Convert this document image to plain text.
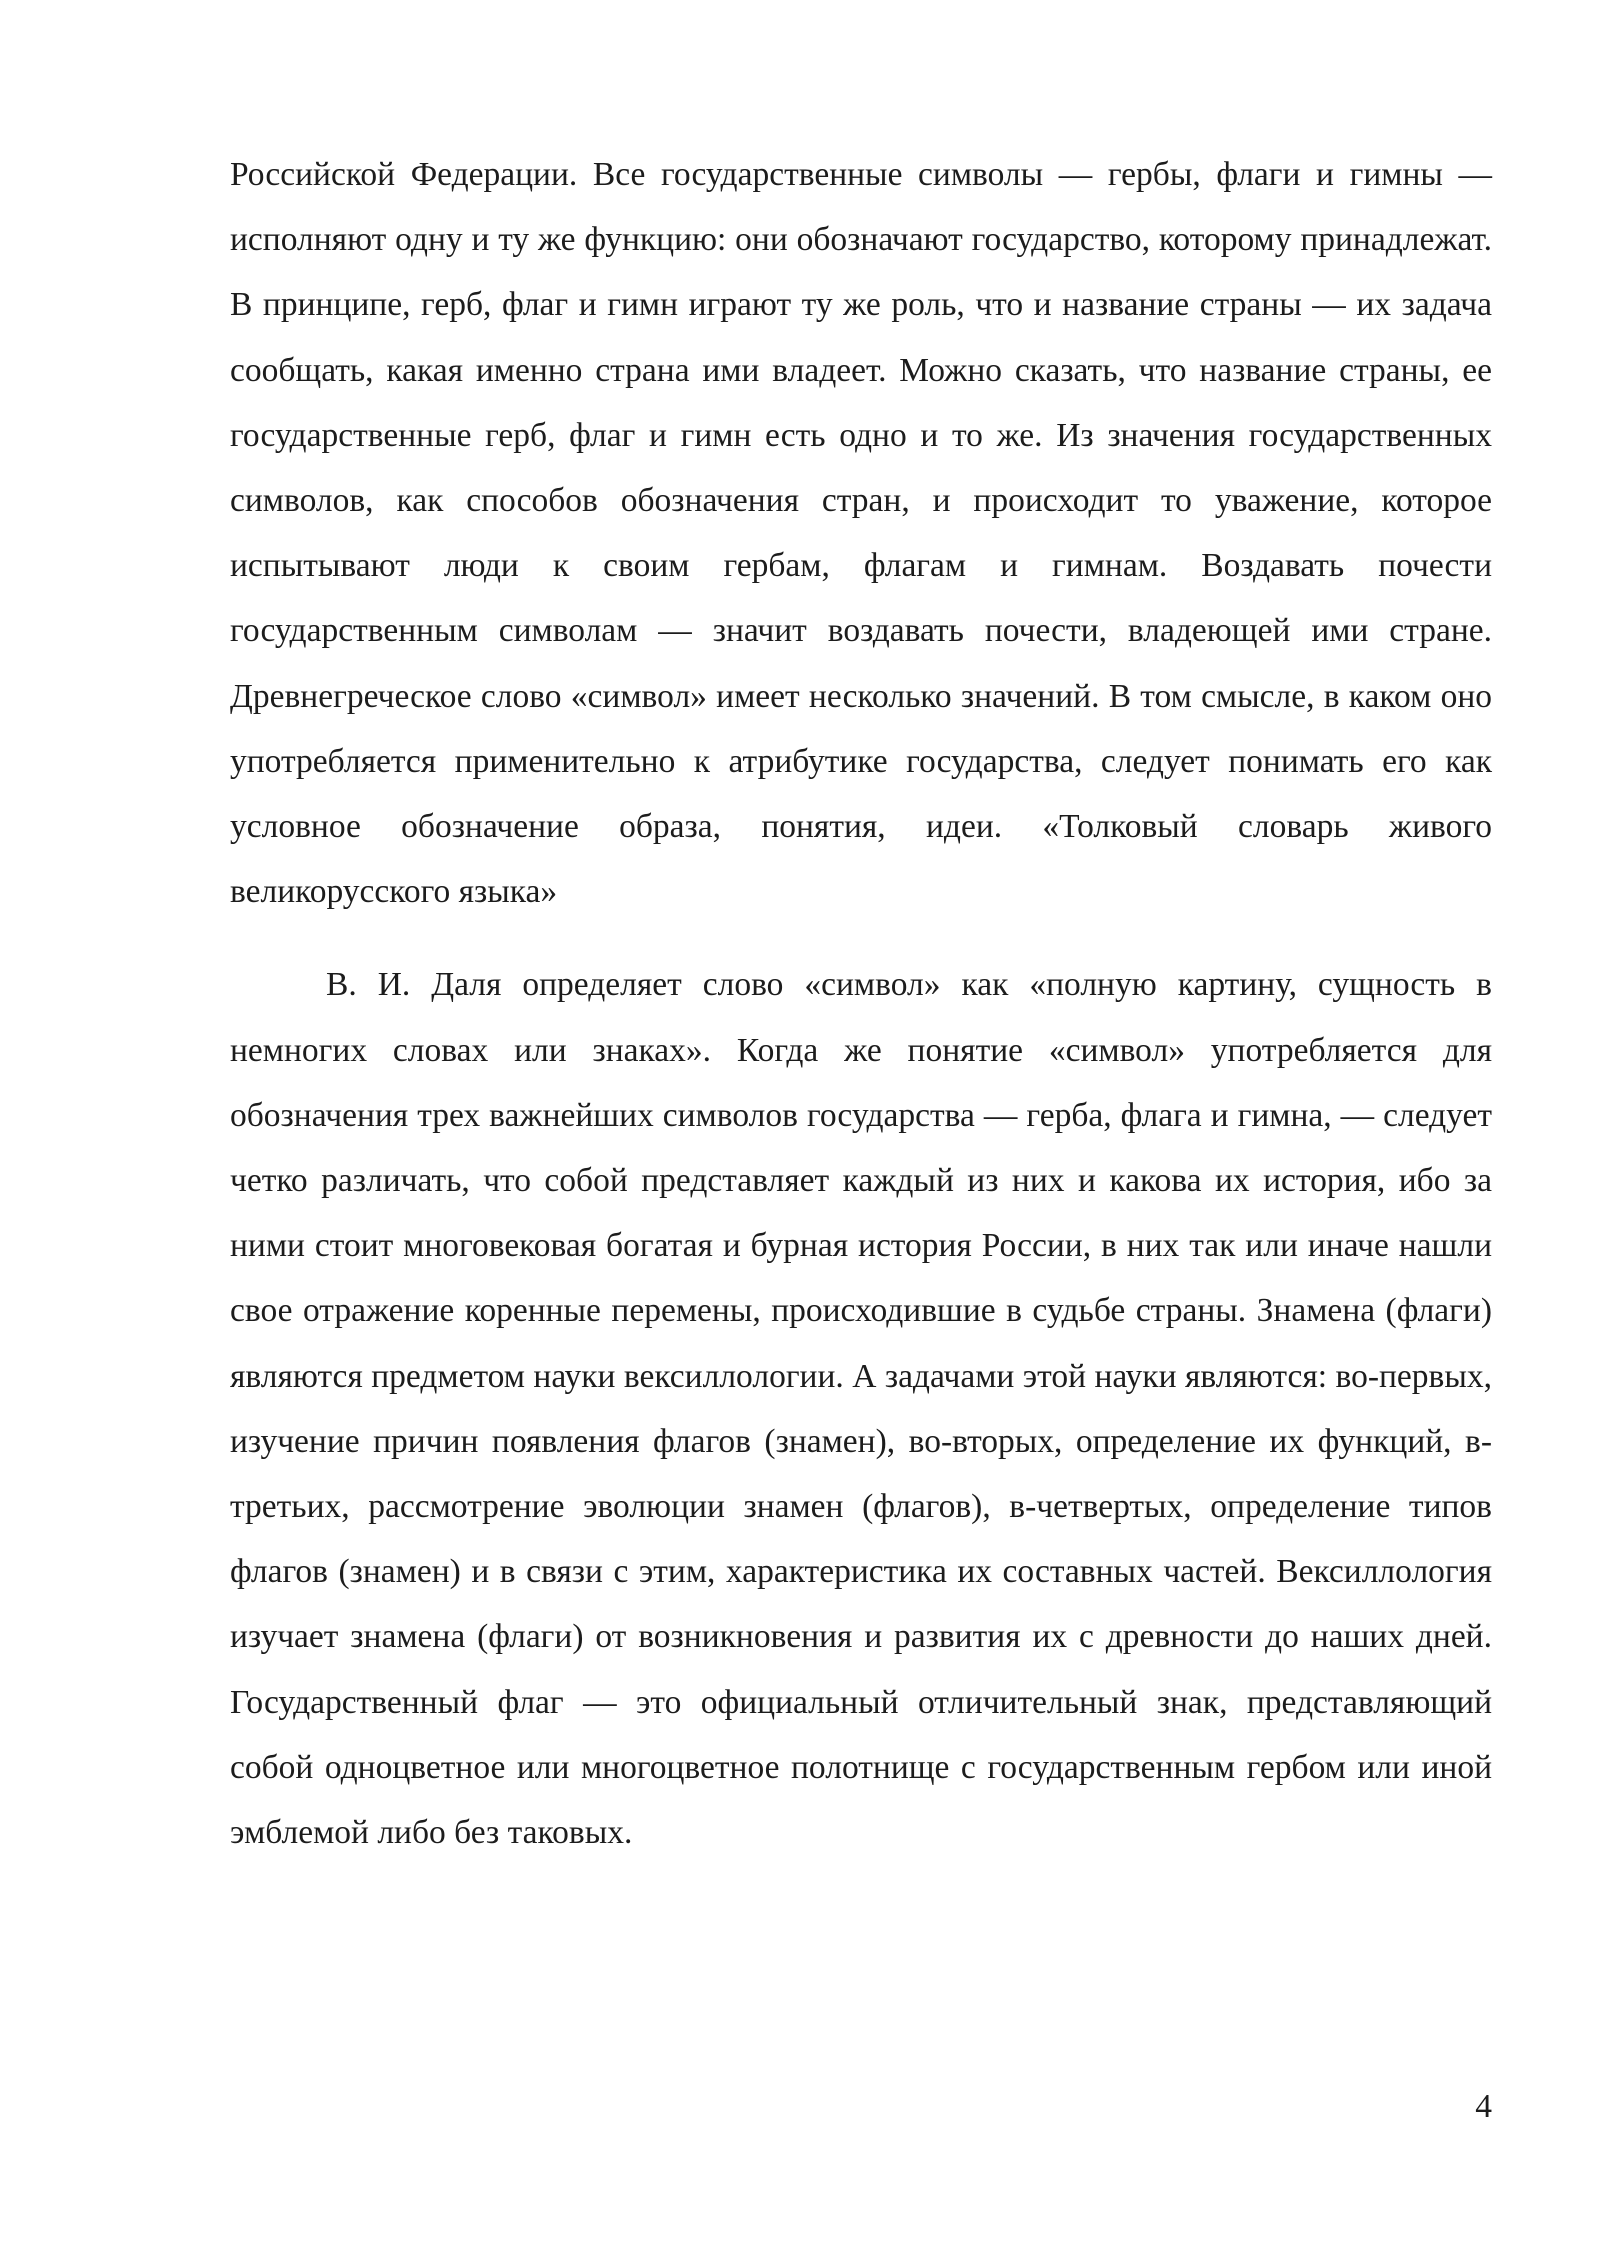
Российской Федерации. Все государственные символы — гербы, флаги и гимны — исполняют одну и ту же функцию: они обозначают государство, которому принадлежат. В принципе, герб, флаг и гимн играют ту же роль, что и название страны — их задача сообщать, какая именно страна ими владеет. Можно сказать, что название страны, ее государственные герб, флаг и гимн есть одно и то же. Из значения государственных символов, как способов обозначения стран, и происходит то уважение, которое испытывают люди к своим гербам, флагам и гимнам. Воздавать почести государственным символам — значит воздавать почести, владеющей ими стране. Древнегреческое слово «символ» имеет несколько значений. В том смысле, в каком оно употребляется применительно к атрибутике государства, следует понимать его как условное обозначение образа, понятия, идеи. «Толковый словарь живого великорусского языка»

В. И. Даля определяет слово «символ» как «полную картину, сущность в немногих словах или знаках». Когда же понятие «символ» употребляется для обозначения трех важнейших символов государства — герба, флага и гимна, — следует четко различать, что собой представляет каждый из них и какова их история, ибо за ними стоит многовековая богатая и бурная история России, в них так или иначе нашли свое отражение коренные перемены, происходившие в судьбе страны. Знамена (флаги) являются предметом науки вексиллологии. А задачами этой науки являются: во-первых, изучение причин появления флагов (знамен), во-вторых, определение их функций, в-третьих, рассмотрение эволюции знамен (флагов), в-четвертых, определение типов флагов (знамен) и в связи с этим, характеристика их составных частей. Вексиллология изучает знамена (флаги) от возникновения и развития их с древности до наших дней. Государственный флаг — это официальный отличительный знак, представляющий собой одноцветное или многоцветное полотнище с государственным гербом или иной эмблемой либо без таковых.

4
